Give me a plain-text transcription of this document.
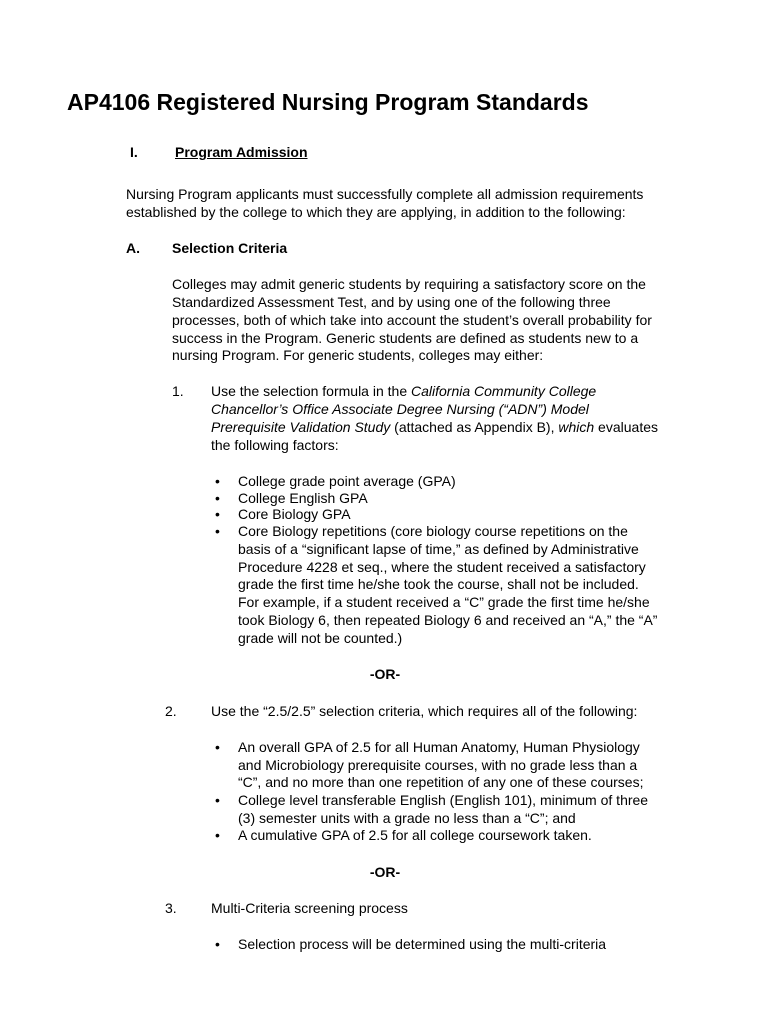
AP4106 Registered Nursing Program Standards
I.	Program Admission
Nursing Program applicants must successfully complete all admission requirements
established by the college to which they are applying, in addition to the following:
A. Selection Criteria
Colleges may admit generic students by requiring a satisfactory score on the
Standardized Assessment Test, and by using one of the following three
processes, both of which take into account the student’s overall probability for
success in the Program. Generic students are defined as students new to a
nursing Program. For generic students, colleges may either:
1. Use the selection formula in the California Community College
Chancellor’s Office Associate Degree Nursing (“ADN”) Model
Prerequisite Validation Study (attached as Appendix B), which evaluates
the following factors:
• College grade point average (GPA)
• College English GPA
• Core Biology GPA
• Core Biology repetitions (core biology course repetitions on the
basis of a “significant lapse of time,” as defined by Administrative
Procedure 4228 et seq., where the student received a satisfactory
grade the first time he/she took the course, shall not be included.
For example, if a student received a “C” grade the first time he/she
took Biology 6, then repeated Biology 6 and received an “A,” the “A”
grade will not be counted.)
-OR-
2. Use the “2.5/2.5” selection criteria, which requires all of the following:
• An overall GPA of 2.5 for all Human Anatomy, Human Physiology
and Microbiology prerequisite courses, with no grade less than a
“C”, and no more than one repetition of any one of these courses;
• College level transferable English (English 101), minimum of three
(3) semester units with a grade no less than a “C”; and
• A cumulative GPA of 2.5 for all college coursework taken.
-OR-
3. Multi-Criteria screening process
• Selection process will be determined using the multi-criteria
